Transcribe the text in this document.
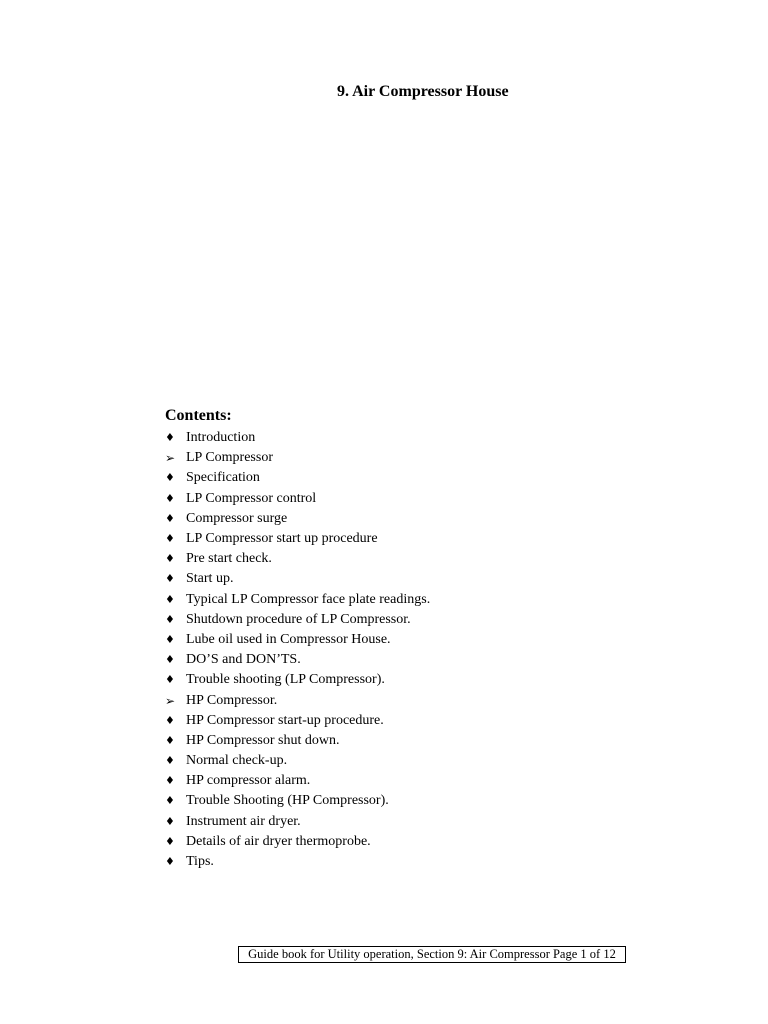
9. Air Compressor House
Contents:
♦ Introduction
➢ LP Compressor
♦ Specification
♦ LP Compressor control
♦ Compressor surge
♦ LP Compressor start up procedure
♦ Pre start check.
♦ Start up.
♦ Typical LP Compressor face plate readings.
♦ Shutdown procedure of LP Compressor.
♦ Lube oil used in Compressor House.
♦ DO’S and DON’TS.
♦ Trouble shooting (LP Compressor).
➢ HP Compressor.
♦ HP Compressor start-up procedure.
♦ HP Compressor shut down.
♦ Normal check-up.
♦ HP compressor alarm.
♦ Trouble Shooting (HP Compressor).
♦ Instrument air dryer.
♦ Details of air dryer thermoprobe.
♦ Tips.
Guide book for Utility operation, Section 9: Air Compressor Page 1 of 12
